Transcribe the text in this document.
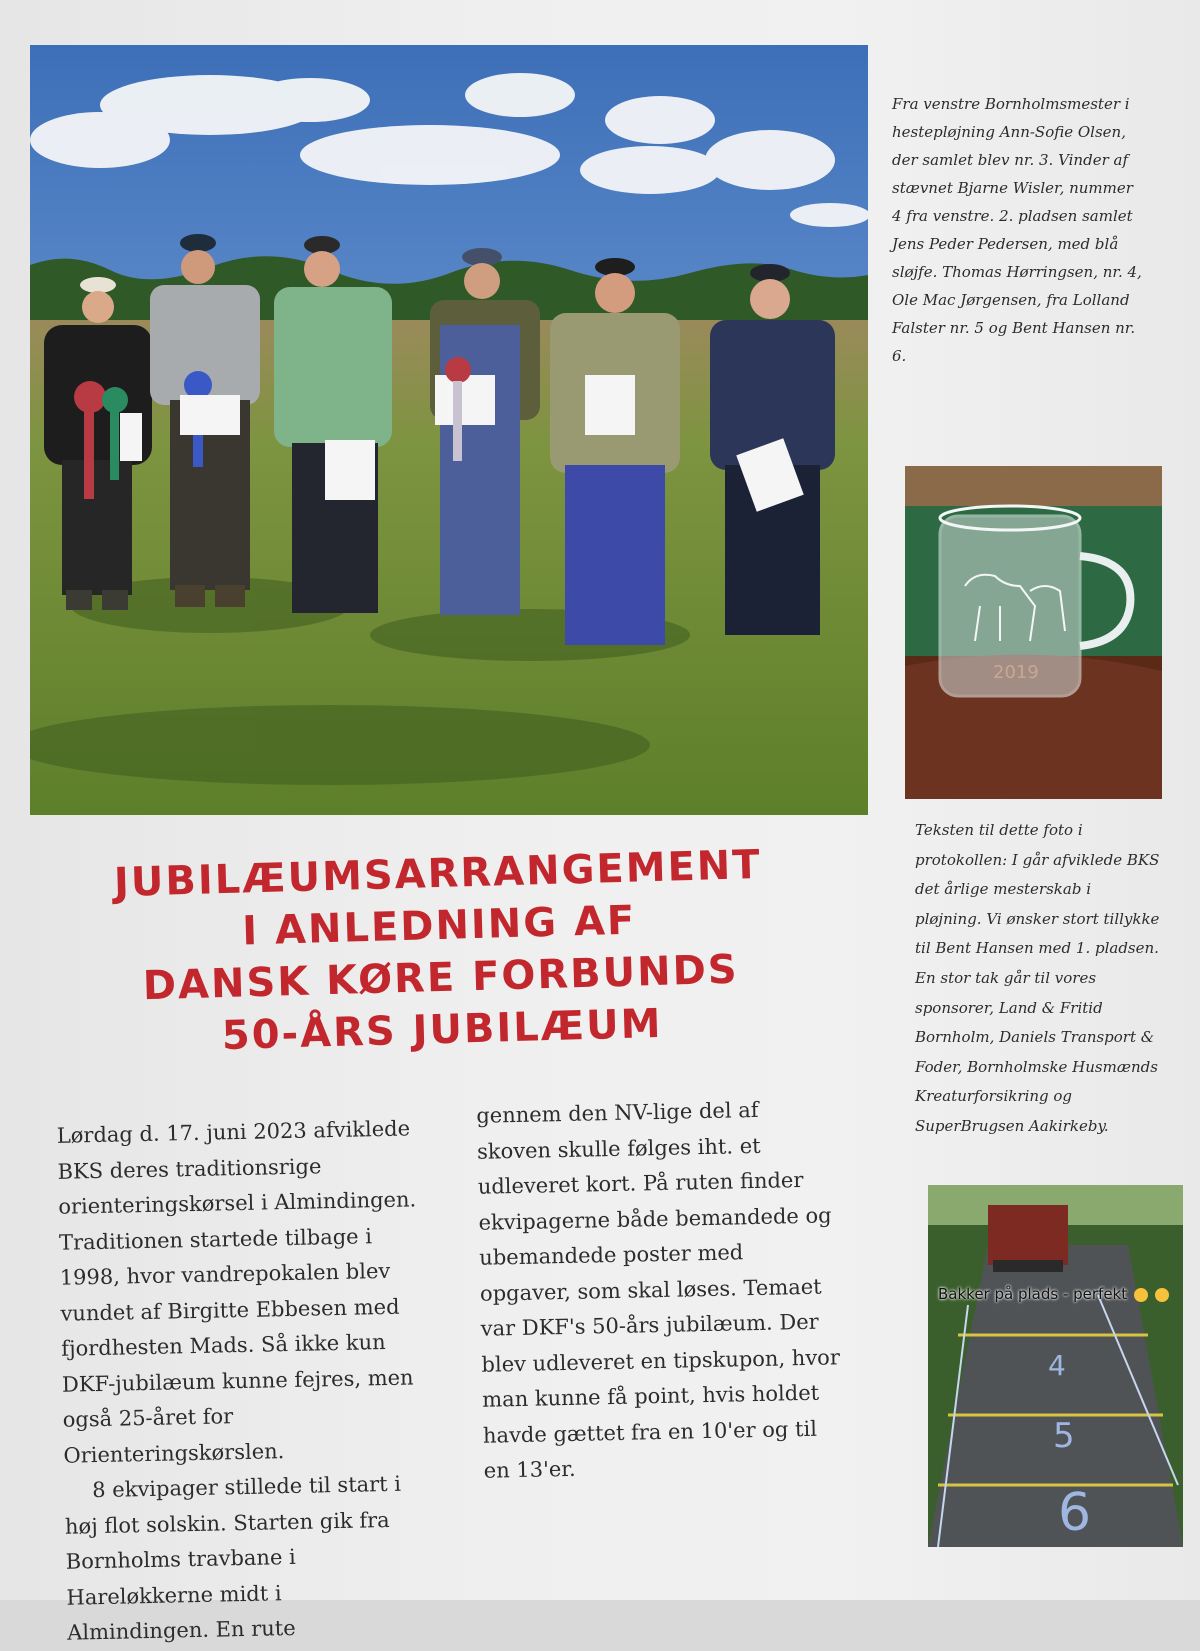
Fra venstre Bornholmsmester i hestepløjning Ann-Sofie Olsen, der samlet blev nr. 3. Vinder af stævnet Bjarne Wisler, nummer 4 fra venstre. 2. pladsen samlet Jens Peder Pedersen, med blå sløjfe. Thomas Hørringsen, nr. 4, Ole Mac Jørgensen, fra Lolland Falster nr. 5 og Bent Hansen nr. 6.
2019
Teksten til dette foto i protokollen: I går afviklede BKS det årlige mesterskab i pløjning. Vi ønsker stort tillykke til Bent Hansen med 1. pladsen. En stor tak går til vores sponsorer, Land & Fritid Bornholm, Daniels Transport & Foder, Bornholmske Husmænds Kreaturforsikring og SuperBrugsen Aakirkeby.
JUBILÆUMSARRANGEMENT
I ANLEDNING AF
DANSK KØRE FORBUNDS
50-ÅRS JUBILÆUM

Lørdag d. 17. juni 2023 afviklede BKS deres traditionsrige orienteringskørsel i Almindingen. Traditionen startede tilbage i 1998, hvor vandrepokalen blev vundet af Birgitte Ebbesen med fjordhesten Mads. Så ikke kun DKF-jubilæum kunne fejres, men også 25-året for Orienteringskørslen.

8 ekvipager stillede til start i høj flot solskin. Starten gik fra Bornholms travbane i Hareløkkerne midt i Almindingen. En rute

gennem den NV-lige del af skoven skulle følges iht. et udleveret kort. På ruten finder ekvipagerne både bemandede og ubemandede poster med opgaver, som skal løses. Temaet var DKF's 50-års jubilæum. Der blev udleveret en tipskupon, hvor man kunne få point, hvis holdet havde gættet fra en 10'er og til en 13'er.

4
5
6
Bakker på plads - perfekt
